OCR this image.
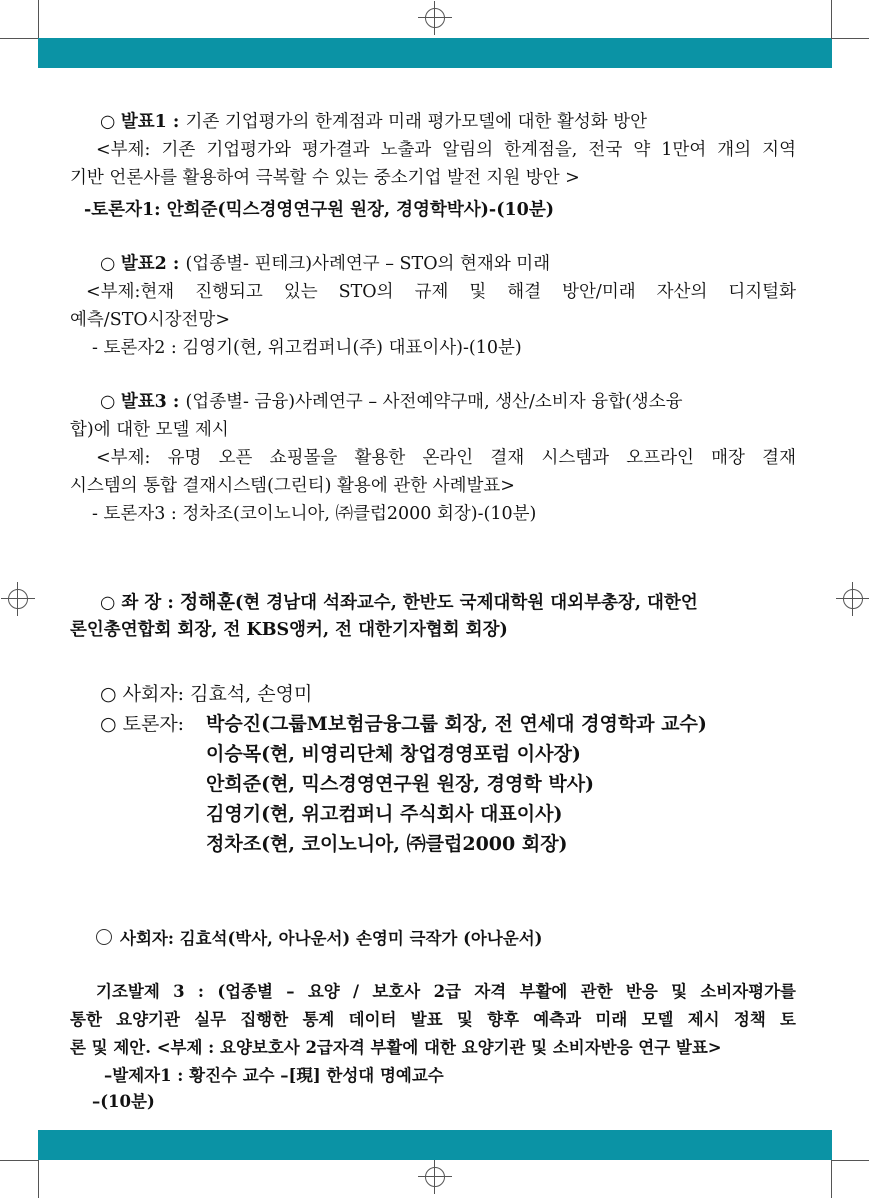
○ 발표1 : 기존 기업평가의 한계점과 미래 평가모델에 대한 활성화 방안
<부제: 기존 기업평가와 평가결과 노출과 알림의 한계점을, 전국 약 1만여 개의 지역
기반 언론사를 활용하여 극복할 수 있는 중소기업 발전 지원 방안 >
-토론자1: 안희준(믹스경영연구원 원장, 경영학박사)-(10분)
○ 발표2 : (업종별- 핀테크)사례연구 – STO의 현재와 미래
<부제:현재 진행되고 있는 STO의 규제 및 해결 방안/미래 자산의 디지털화
예측/STO시장전망>
- 토론자2 : 김영기(현, 위고컴퍼니(주) 대표이사)-(10분)
○ 발표3 : (업종별- 금융)사례연구 – 사전예약구매, 생산/소비자 융합(생소융
합)에 대한 모델 제시
<부제: 유명 오픈 쇼핑몰을 활용한 온라인 결재 시스템과 오프라인 매장 결재
시스템의 통합 결재시스템(그린티) 활용에 관한 사례발표>
- 토론자3 : 정차조(코이노니아, ㈜클럽2000 회장)-(10분)
○ 좌 장 : 정해훈(현 경남대 석좌교수, 한반도 국제대학원 대외부총장, 대한언
론인총연합회 회장, 전 KBS앵커, 전 대한기자협회 회장)
○ 사회자: 김효석, 손영미
○ 토론자: 박승진(그룹M보험금융그룹 회장, 전 연세대 경영학과 교수)
이승목(현, 비영리단체 창업경영포럼 이사장)
안희준(현, 믹스경영연구원 원장, 경영학 박사)
김영기(현, 위고컴퍼니 주식회사 대표이사)
정차조(현, 코이노니아, ㈜클럽2000 회장)
사회자: 김효석(박사, 아나운서) 손영미 극작가 (아나운서)
기조발제 3 : (업종별 – 요양 / 보호사 2급 자격 부활에 관한 반응 및 소비자평가를
통한 요양기관 실무 집행한 통계 데이터 발표 및 향후 예측과 미래 모델 제시 정책 토
론 및 제안. <부제 : 요양보호사 2급자격 부활에 대한 요양기관 및 소비자반응 연구 발표>
–발제자1 : 황진수 교수 –[現] 한성대 명예교수
–(10분)
